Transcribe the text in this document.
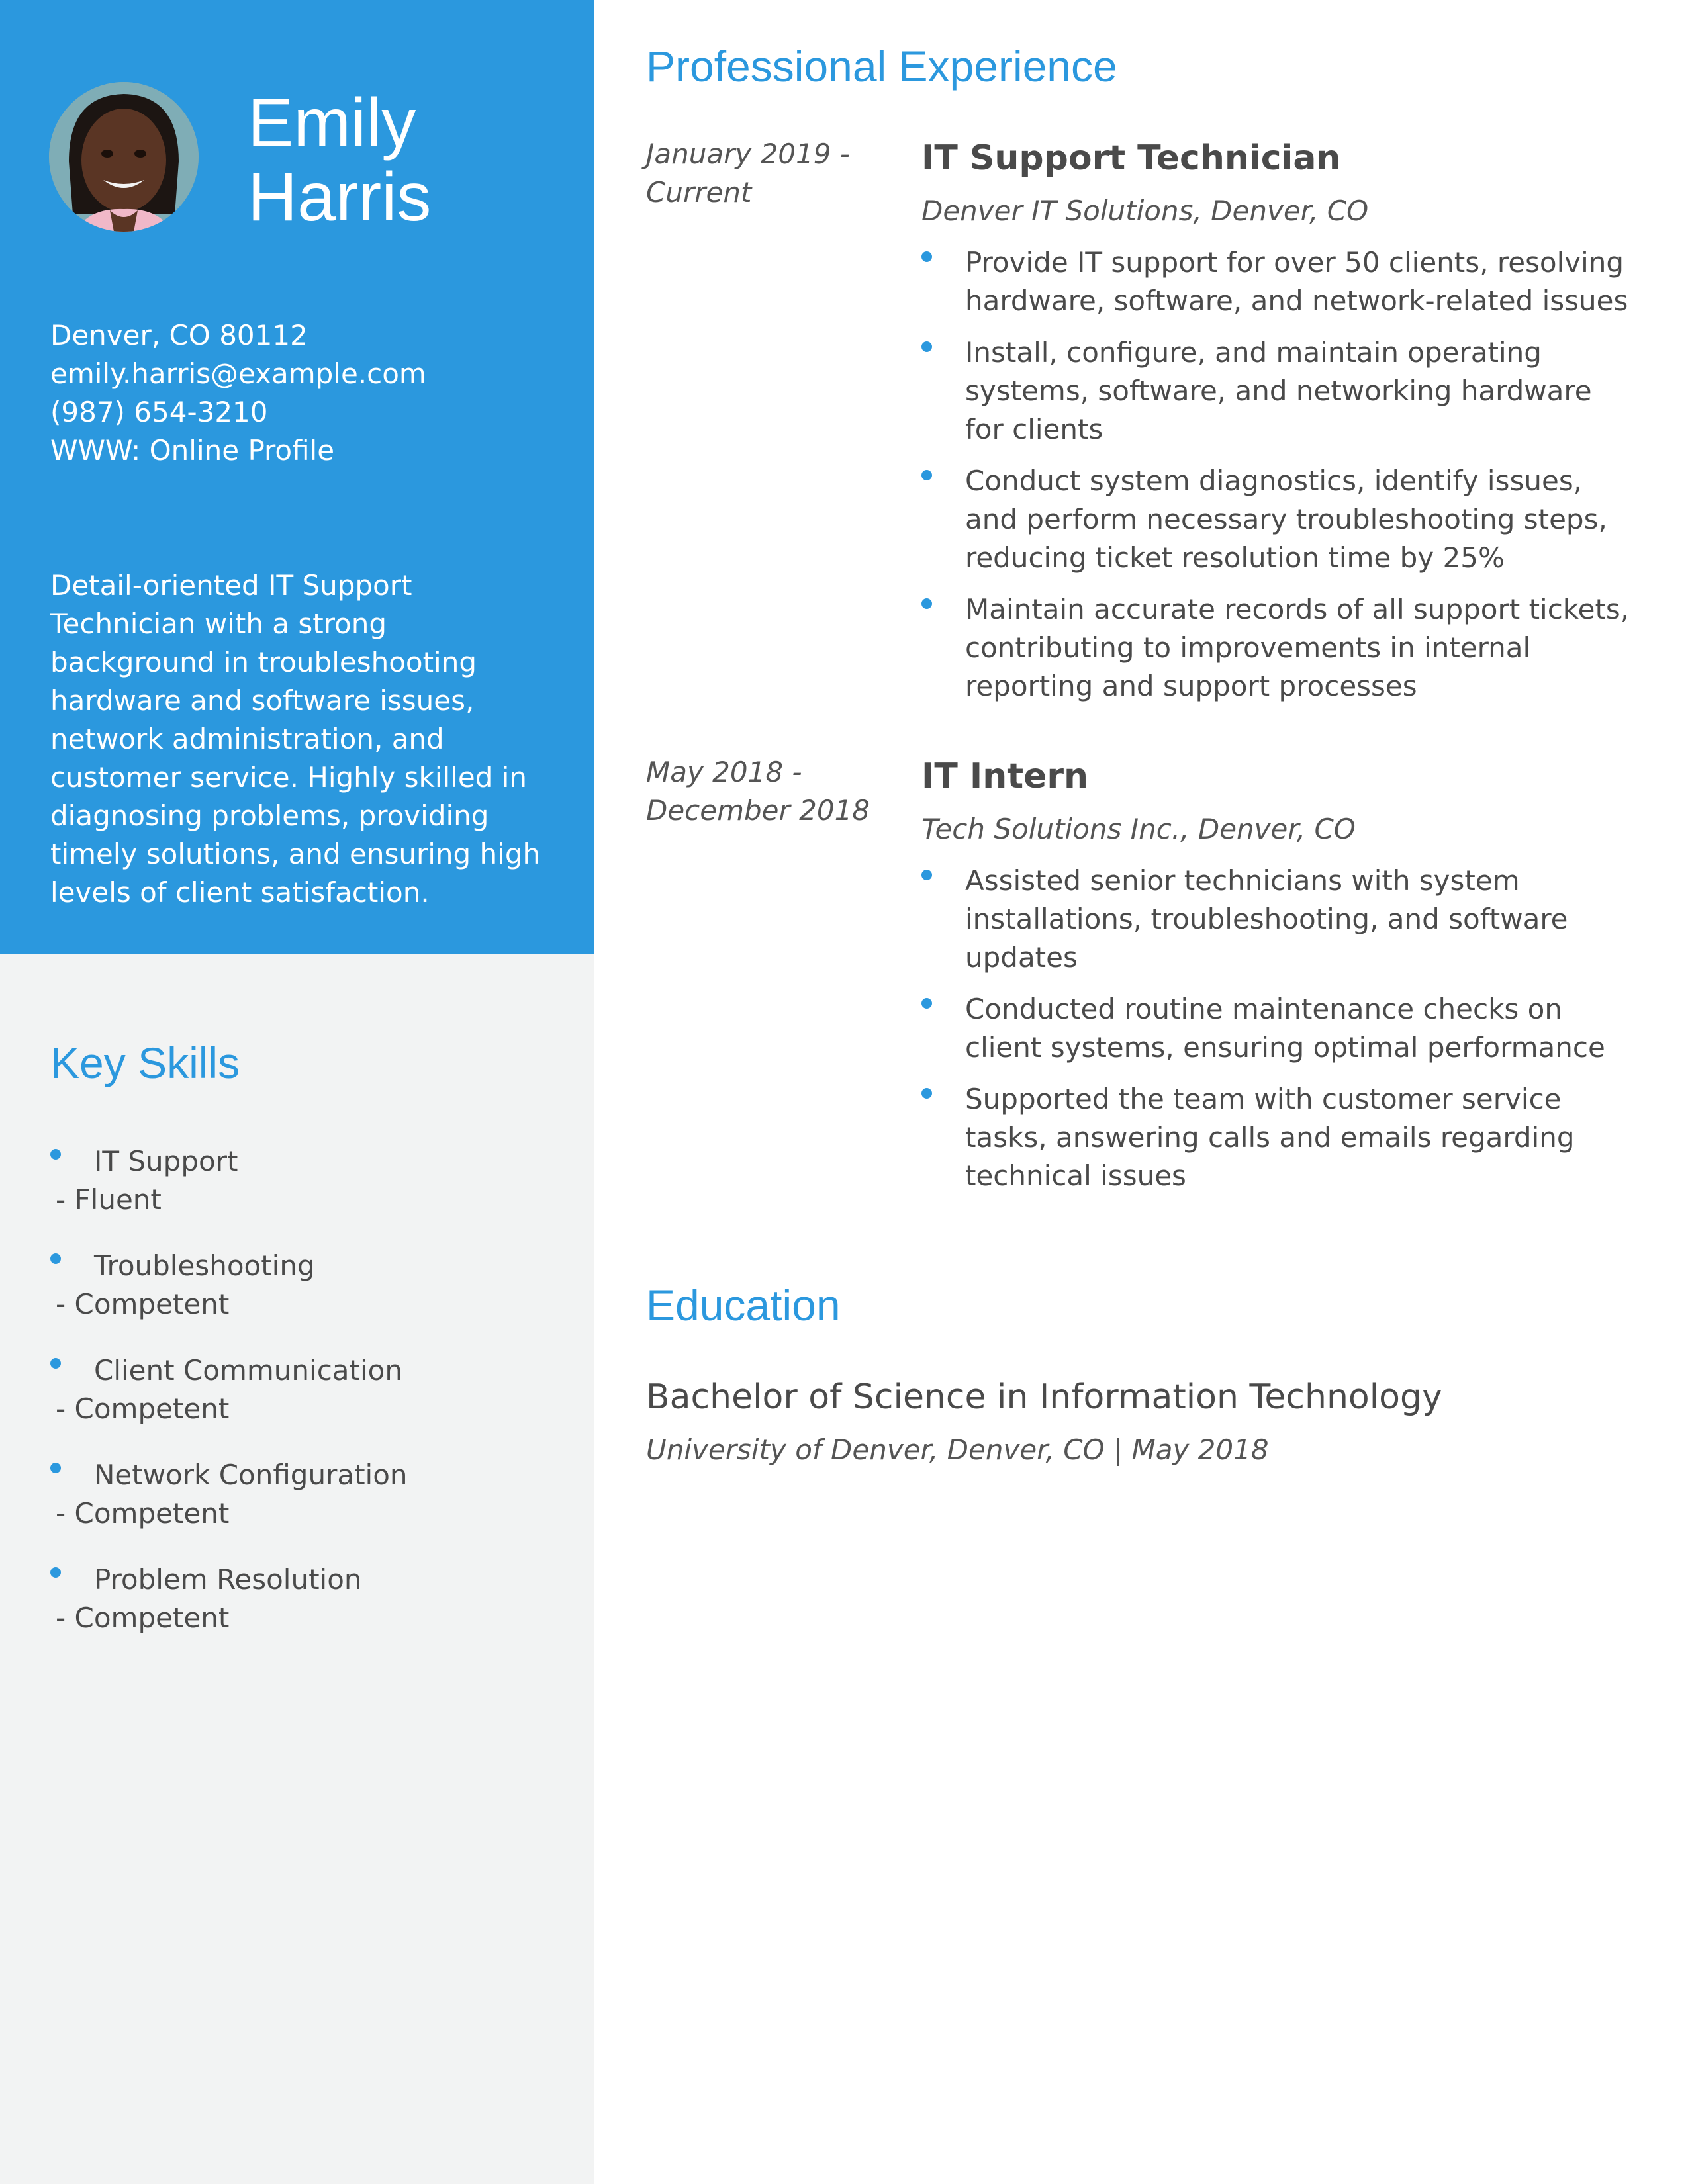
Emily
Harris
Denver, CO 80112
emily.harris@example.com
(987) 654-3210
WWW: Online Profile

Detail-oriented IT Support Technician with a strong background in troubleshooting hardware and software issues, network administration, and customer service. Highly skilled in diagnosing problems, providing timely solutions, and ensuring high levels of client satisfaction.

Key Skills
IT Support
- Fluent
Troubleshooting
- Competent
Client Communication
- Competent
Network Configuration
- Competent
Problem Resolution
- Competent
Professional Experience
January 2019 - Current
IT Support Technician
Denver IT Solutions, Denver, CO
Provide IT support for over 50 clients, resolving hardware, software, and network-related issues
Install, configure, and maintain operating systems, software, and networking hardware for clients
Conduct system diagnostics, identify issues, and perform necessary troubleshooting steps, reducing ticket resolution time by 25%
Maintain accurate records of all support tickets, contributing to improvements in internal reporting and support processes
May 2018 - December 2018
IT Intern
Tech Solutions Inc., Denver, CO
Assisted senior technicians with system installations, troubleshooting, and software updates
Conducted routine maintenance checks on client systems, ensuring optimal performance
Supported the team with customer service tasks, answering calls and emails regarding technical issues
Education
Bachelor of Science in Information Technology
University of Denver, Denver, CO | May 2018
